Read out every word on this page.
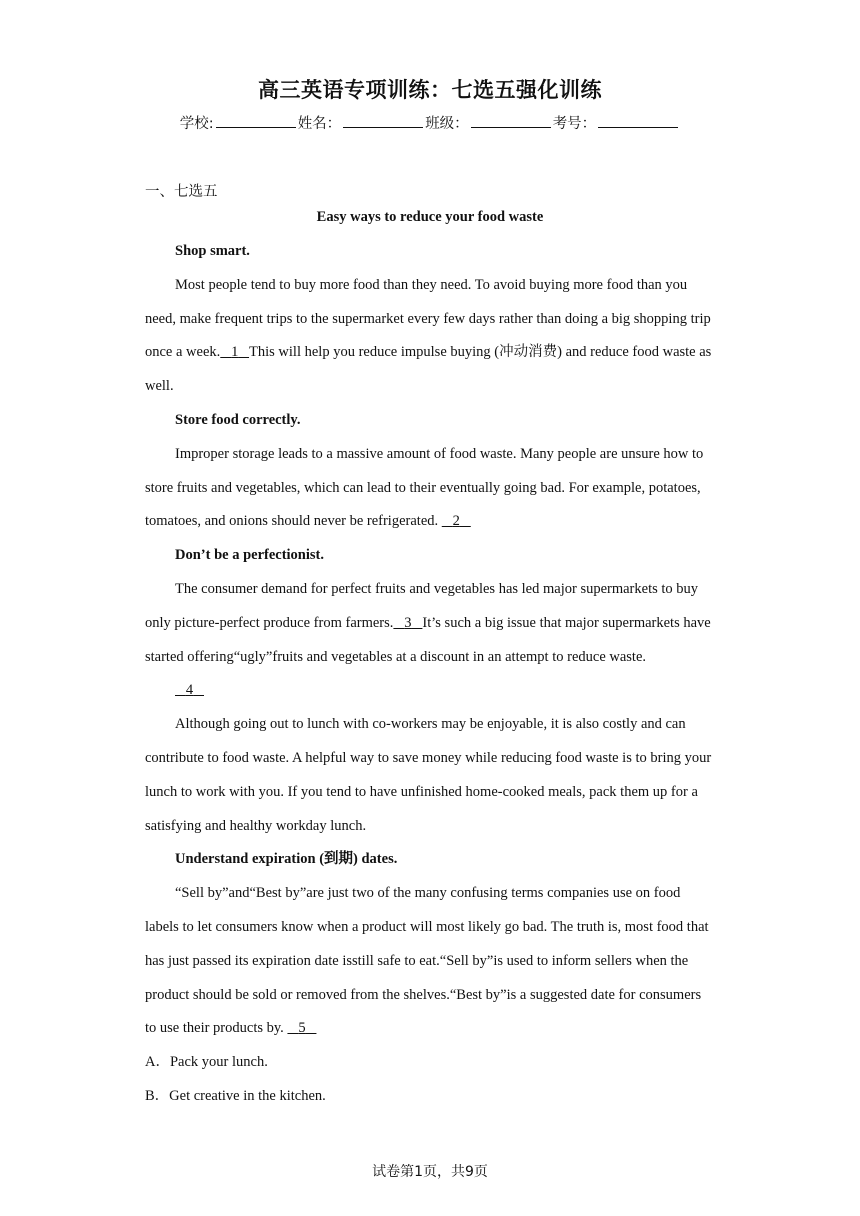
高三英语专项训练：七选五强化训练
学校:	姓名：	班级：	考号：
一、七选五
Easy ways to reduce your food waste

Shop smart.

Most people tend to buy more food than they need. To avoid buying more food than you need, make frequent trips to the supermarket every few days rather than doing a big shopping trip once a week. 1 This will help you reduce impulse buying (冲动消费) and reduce food waste as well.

Store food correctly.

Improper storage leads to a massive amount of food waste. Many people are unsure how to store fruits and vegetables, which can lead to their eventually going bad. For example, potatoes, tomatoes, and onions should never be refrigerated. 2

Don’t be a perfectionist.

The consumer demand for perfect fruits and vegetables has led major supermarkets to buy only picture-perfect produce from farmers. 3 It’s such a big issue that major supermarkets have started offering“ugly”fruits and vegetables at a discount in an attempt to reduce waste.

4

Although going out to lunch with co-workers may be enjoyable, it is also costly and can contribute to food waste. A helpful way to save money while reducing food waste is to bring your lunch to work with you. If you tend to have unfinished home-cooked meals, pack them up for a satisfying and healthy workday lunch.

Understand expiration (到期) dates.

“Sell by”and“Best by”are just two of the many confusing terms companies use on food labels to let consumers know when a product will most likely go bad. The truth is, most food that has just passed its expiration date isstill safe to eat.“Sell by”is used to inform sellers when the product should be sold or removed from the shelves.“Best by”is a suggested date for consumers to use their products by. 5

A．Pack your lunch.

B．Get creative in the kitchen.

试卷第1页，共9页
